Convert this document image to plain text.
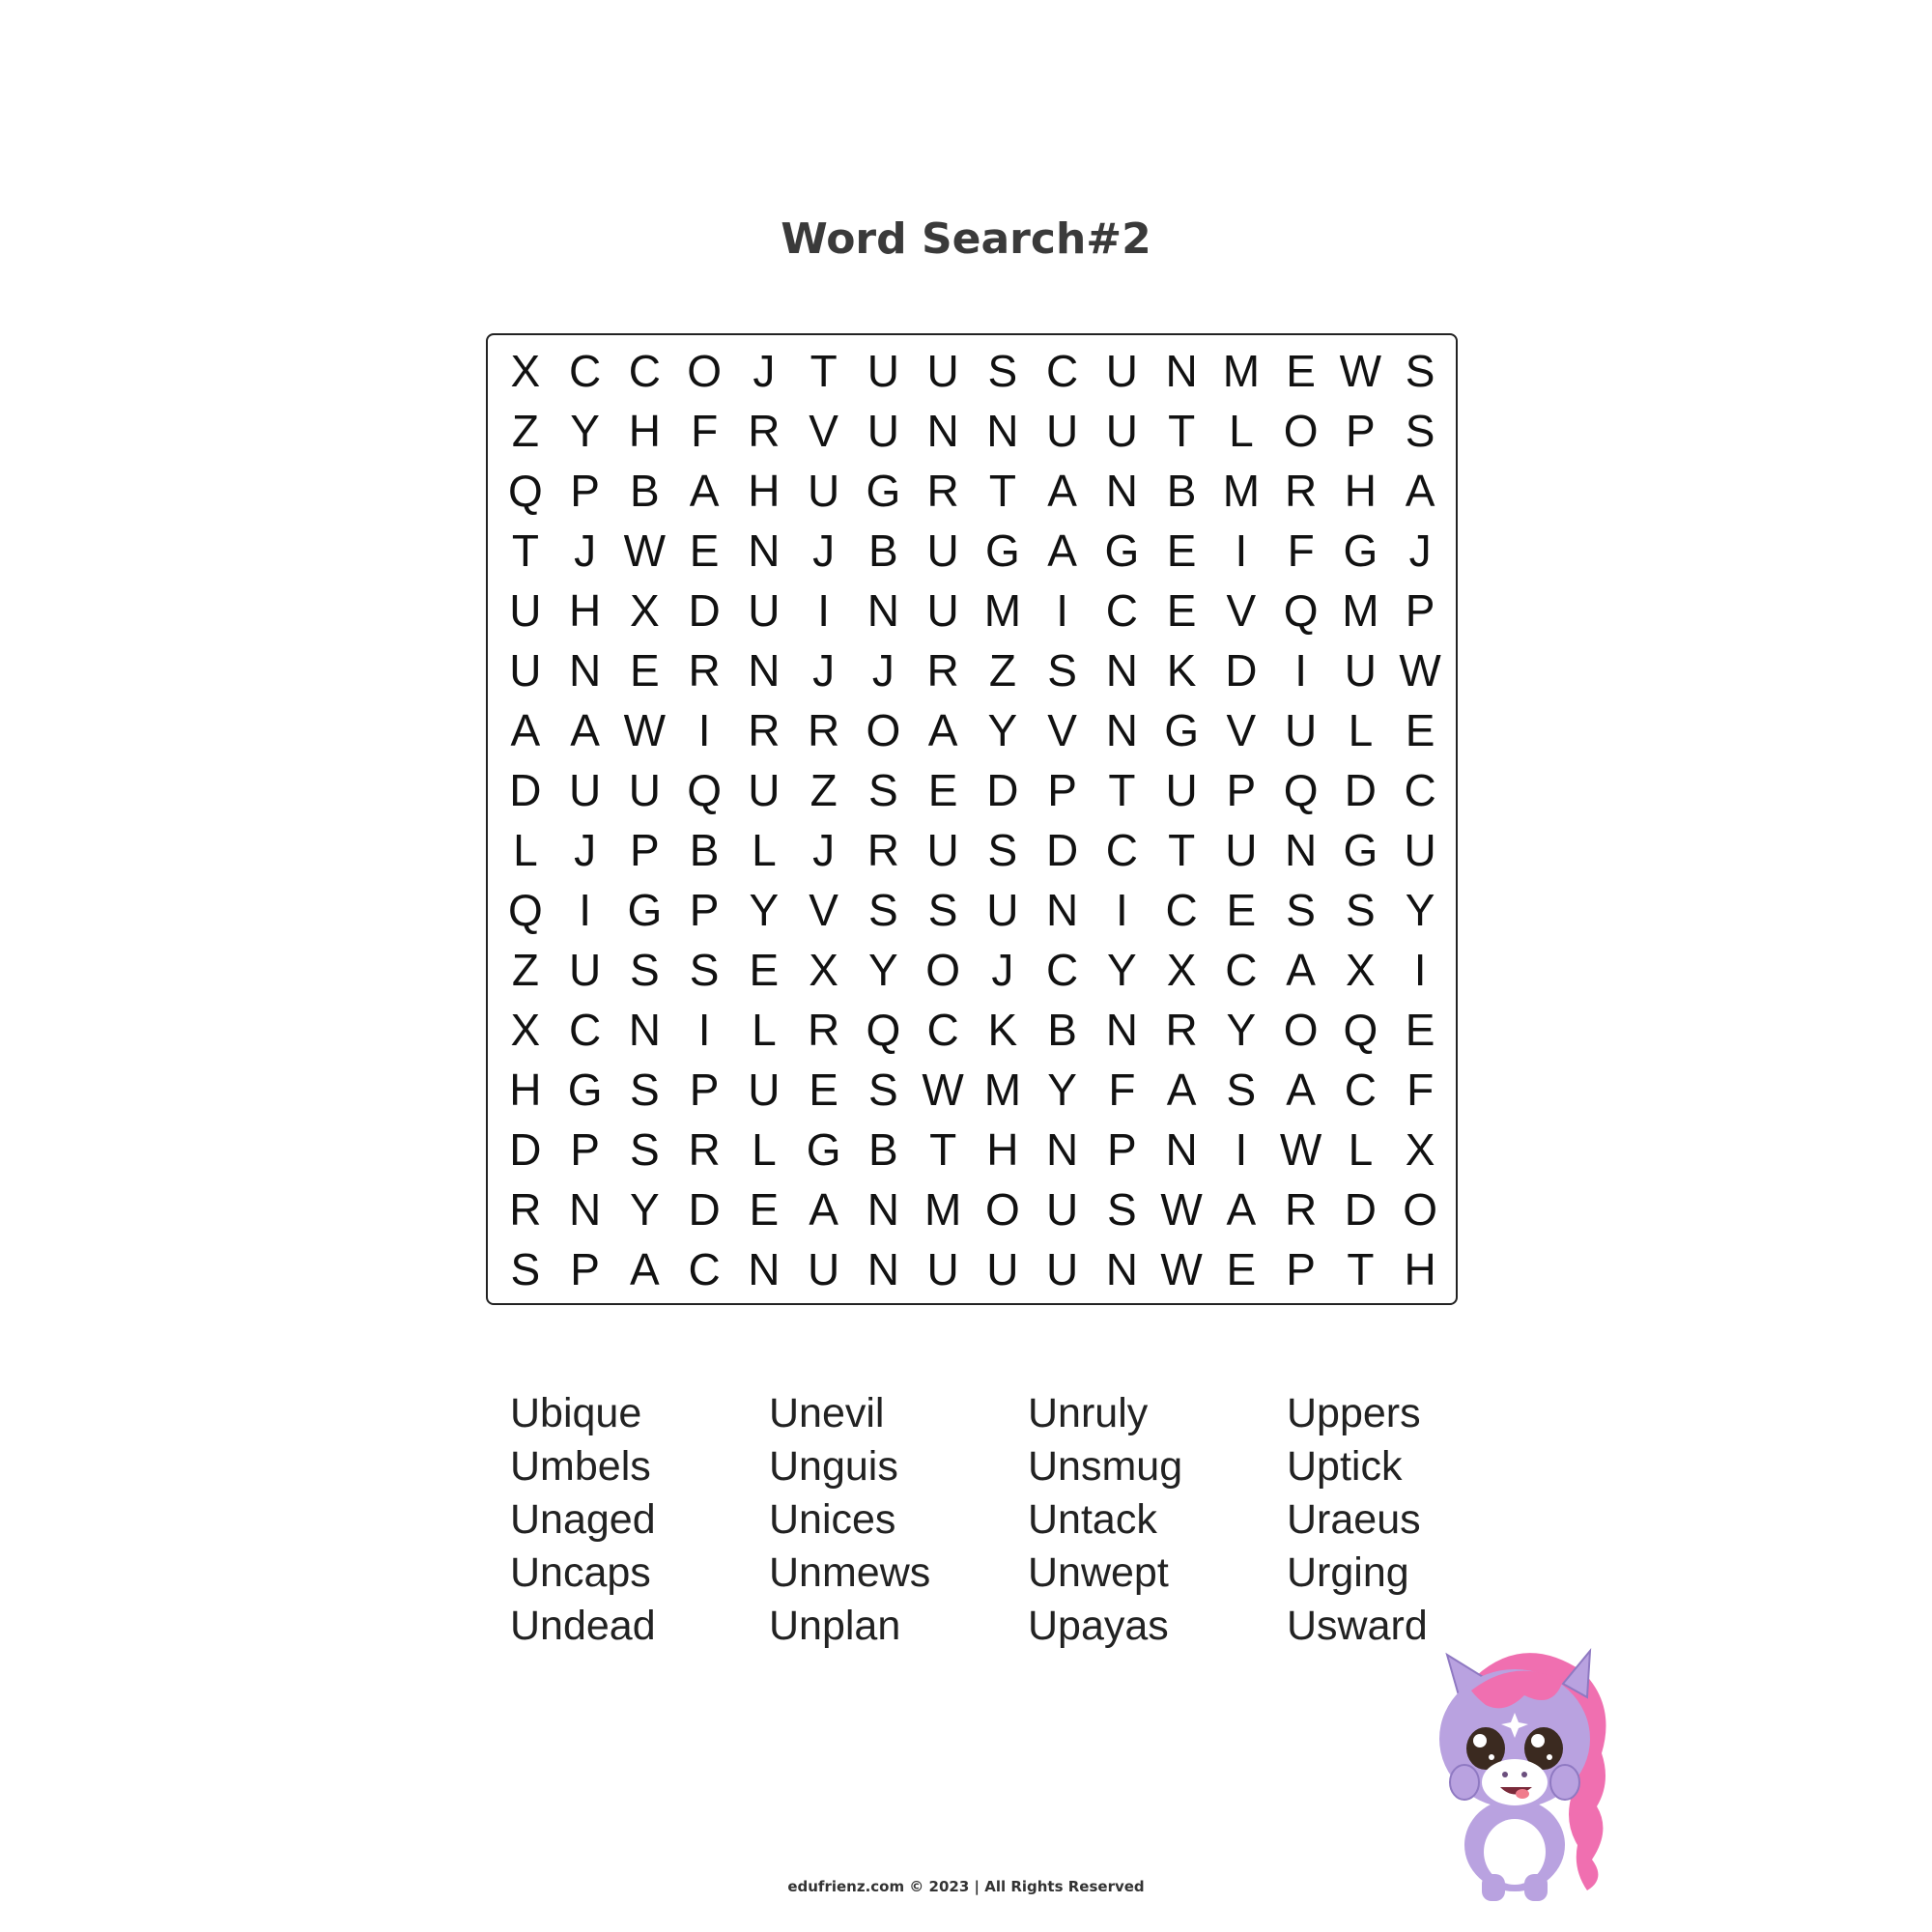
Word Search#2
X C C O J T U U S C U N M E W S
Z Y H F R V U N N U U T L O P S
Q P B A H U G R T A N B M R H A
T J W E N J B U G A G E I F G J
U H X D U I N U M I C E V Q M P
U N E R N J J R Z S N K D I U W
A A W I R R O A Y V N G V U L E
D U U Q U Z S E D P T U P Q D C
L J P B L J R U S D C T U N G U
Q I G P Y V S S U N I C E S S Y
Z U S S E X Y O J C Y X C A X I
X C N I L R Q C K B N R Y O Q E
H G S P U E S W M Y F A S A C F
D P S R L G B T H N P N I W L X
R N Y D E A N M O U S W A R D O
S P A C N U N U U U N W E P T H
Ubique
Umbels
Unaged
Uncaps
Undead
Unevil
Unguis
Unices
Unmews
Unplan
Unruly
Unsmug
Untack
Unwept
Upayas
Uppers
Uptick
Uraeus
Urging
Usward
edufrienz.com © 2023 | All Rights Reserved
